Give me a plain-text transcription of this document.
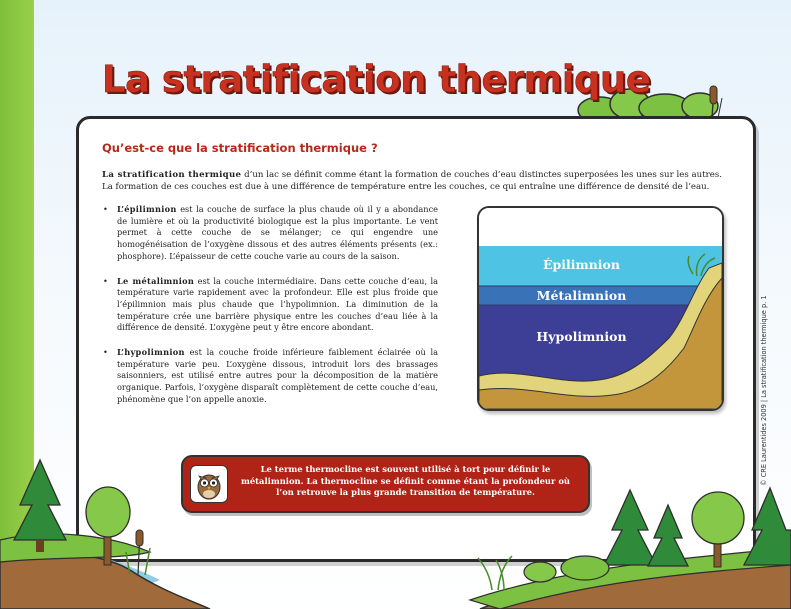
La stratification thermique
Qu’est-ce que la stratification thermique ?

La stratification thermique d’un lac se définit comme étant la formation de couches d’eau distinctes superposées les unes sur les autres. La formation de ces couches est due à une différence de température entre les couches, ce qui entraîne une différence de densité de l’eau.

• L’épilimnion est la couche de surface la plus chaude où il y a abondance de lumière et où la productivité biologique est la plus importante. Le vent permet à cette couche de se mélanger; ce qui engendre une homogénéisation de l’oxygène dissous et des autres éléments présents (ex.: phosphore). L’épaisseur de cette couche varie au cours de la saison.
• Le métalimnion est la couche intermédiaire. Dans cette couche d’eau, la température varie rapidement avec la profondeur. Elle est plus froide que l’épilimnion mais plus chaude que l’hypolimnion. La diminution de la température crée une barrière physique entre les couches d’eau liée à la différence de densité. L’oxygène peut y être encore abondant.
• L’hypolimnion est la couche froide inférieure faiblement éclairée où la température varie peu. L’oxygène dissous, introduit lors des brassages saisonniers, est utilisé entre autres pour la décomposition de la matière organique. Parfois, l’oxygène disparaît complètement de cette couche d’eau, phénomène que l’on appelle anoxie.
Épilimnion
Métalimnion
Hypolimnion

Le terme thermocline est souvent utilisé à tort pour définir le métalimnion. La thermocline se définit comme étant la profondeur où l’on retrouve la plus grande transition de température.

© CRE Laurentides 2009 | La stratification thermique p. 1
